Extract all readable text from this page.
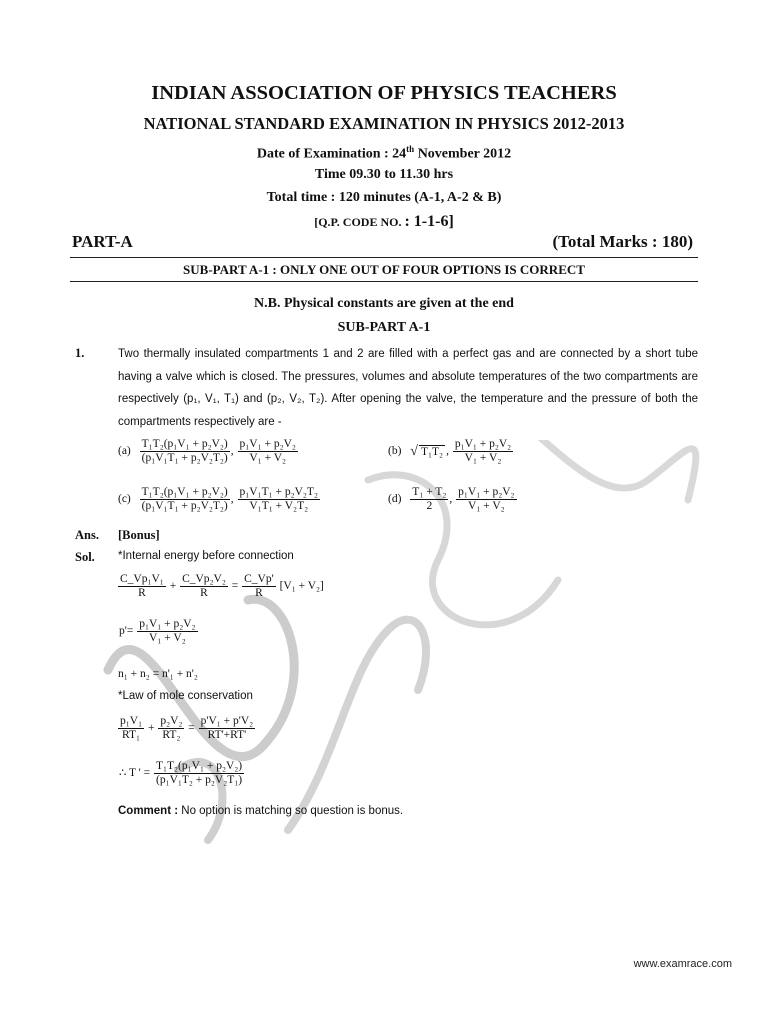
INDIAN ASSOCIATION OF PHYSICS TEACHERS
NATIONAL STANDARD EXAMINATION IN PHYSICS 2012-2013
Date of Examination : 24th November 2012
Time 09.30 to 11.30 hrs
Total time : 120 minutes (A-1, A-2 & B)
[Q.P. CODE NO. : 1-1-6]
PART-A	(Total Marks : 180)
SUB-PART A-1 : ONLY ONE OUT OF FOUR OPTIONS IS CORRECT
N.B. Physical constants are given at the end
SUB-PART A-1
1.	Two thermally insulated compartments 1 and 2 are filled with a perfect gas and are connected by a short tube having a valve which is closed. The pressures, volumes and absolute temperatures of the two compartments are respectively (p₁, V₁, T₁) and (p₂, V₂, T₂). After opening the valve, the temperature and the pressure of both the compartments respectively are -
$(a) \frac{\text{T₁T₂(p₁V₁ + p₂V₂)}}{\text{(p₁V₁T₁ + p₂V₂T₂)}}$ , $\frac{\text{p₁V₁ + p₂V₂}}{\text{V₁ + V₂}}$	(b) √ T₁T₂ , $\frac{\text{p₁V₁ + p₂V₂}}{\text{V₁ + V₂}}$
$(c) \frac{\text{T₁T₂(p₁V₁ + p₂V₂)}}{\text{(p₁V₁T₁ + p₂V₂T₂)}}$ , $\frac{\text{p₁V₁T₁ + p₂V₂T₂}}{\text{V₁T₁ + V₂T₂}}$	$(d) \frac{\text{T₁ + T₂}}{2}$ , $\frac{\text{p₁V₁ + p₂V₂}}{\text{V₁ + V₂}}$
Ans. [Bonus]
Sol. *Internal energy before connection
$\frac{\text{C\_Vp₁V₁}}{R} + \frac{\text{C\_Vp₂V₂}}{R} = \frac{C\_Vp'}{R} [V_1 + V_2]$
$p'= \frac{\text{p₁V₁ + p₂V₂}}{\text{V₁ + V₂}}$
n₁ + n₂ = n'₁ + n'₂
*Law of mole conservation
$\frac{\text{p₁V₁}}{\text{RT₁}} + \frac{\text{p₂V₂}}{\text{RT₂}} = \frac{\text{p'V₁ + p'V₂}}{RT'+RT'}$
∴ T ' = $\frac{\text{T₁T₂(p₁V₁ + p₂V₂)}}{\text{(p₁V₁T₂ + p₂V₂T₁)}}$
Comment : No option is matching so question is bonus.
www.examrace.com
